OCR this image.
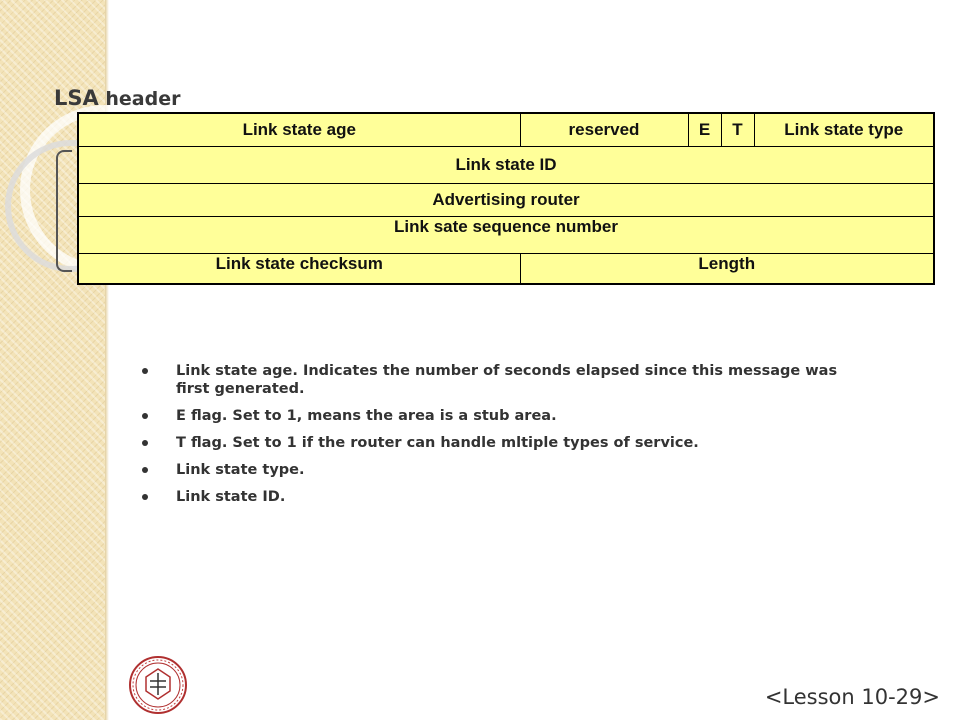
LSA header
Link state age	reserved	E	T	Link state type
Link state ID				
Advertising router				
Link sate sequence number				
Link state checksum	Length			
Link state age. Indicates the number of seconds elapsed since this message was first generated.
E flag. Set to 1, means the area is a stub area.
T flag. Set to 1 if the router can handle mltiple types of service.
Link state type.
Link state ID.
<Lesson 10-29>
